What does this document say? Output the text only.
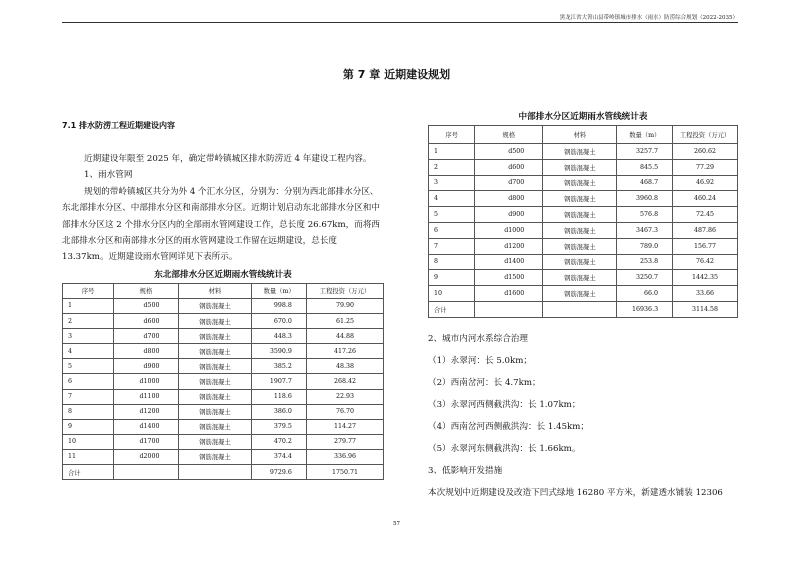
黑龙江省大箐山县带岭镇城市排水（雨水）防涝综合规划（2022-2035）
第 7 章 近期建设规划
7.1 排水防涝工程近期建设内容
近期建设年限至 2025 年，确定带岭镇城区排水防涝近 4 年建设工程内容。
1、雨水管网
规划的带岭镇城区共分为外 4 个汇水分区，分别为：分别为西北部排水分区、东北部排水分区、中部排水分区和南部排水分区。近期计划启动东北部排水分区和中部排水分区这 2 个排水分区内的全部雨水管网建设工作，总长度 26.67km，而将西北部排水分区和南部排水分区的雨水管网建设工作留在远期建设，总长度 13.37km。近期建设雨水管网详见下表所示。
东北部排水分区近期雨水管线统计表
序号	规格	材料	数量（m）	工程投资（万元）
1	d500	钢筋混凝土	998.8	79.90
2	d600	钢筋混凝土	670.0	61.25
3	d700	钢筋混凝土	448.3	44.88
4	d800	钢筋混凝土	3590.9	417.26
5	d900	钢筋混凝土	385.2	48.38
6	d1000	钢筋混凝土	1907.7	268.42
7	d1100	钢筋混凝土	118.6	22.93
8	d1200	钢筋混凝土	386.0	76.70
9	d1400	钢筋混凝土	379.5	114.27
10	d1700	钢筋混凝土	470.2	279.77
11	d2000	钢筋混凝土	374.4	336.96
合计			9729.6	1750.71
中部排水分区近期雨水管线统计表
序号	规格	材料	数量（m）	工程投资（万元）
1	d500	钢筋混凝土	3257.7	260.62
2	d600	钢筋混凝土	845.5	77.29
3	d700	钢筋混凝土	468.7	46.92
4	d800	钢筋混凝土	3960.8	460.24
5	d900	钢筋混凝土	576.8	72.45
6	d1000	钢筋混凝土	3467.3	487.86
7	d1200	钢筋混凝土	789.0	156.77
8	d1400	钢筋混凝土	253.8	76.42
9	d1500	钢筋混凝土	3250.7	1442.35
10	d1600	钢筋混凝土	66.0	33.66
合计			16936.3	3114.58
2、城市内河水系综合治理
（1）永翠河：长 5.0km；
（2）西南岔河：长 4.7km；
（3）永翠河西侧截洪沟：长 1.07km；
（4）西南岔河西侧截洪沟：长 1.45km；
（5）永翠河东侧截洪沟：长 1.66km。
3、低影响开发措施
本次规划中近期建设及改造下凹式绿地 16280 平方米，新建透水铺装 12306
57
